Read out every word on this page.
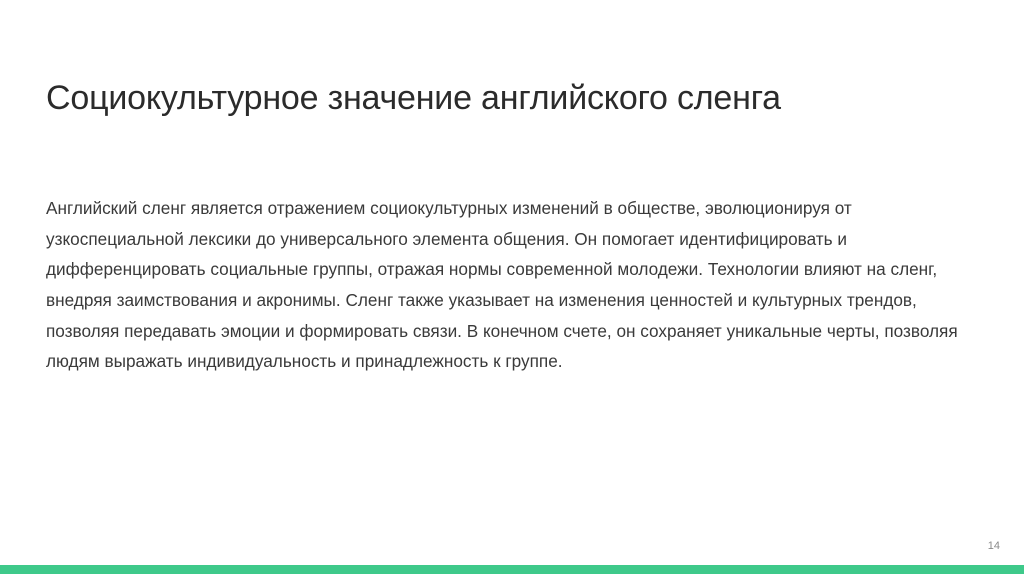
Социокультурное значение английского сленга

Английский сленг является отражением социокультурных изменений в обществе, эволюционируя от узкоспециальной лексики до универсального элемента общения. Он помогает идентифицировать и дифференцировать социальные группы, отражая нормы современной молодежи. Технологии влияют на сленг, внедряя заимствования и акронимы. Сленг также указывает на изменения ценностей и культурных трендов, позволяя передавать эмоции и формировать связи. В конечном счете, он сохраняет уникальные черты, позволяя людям выражать индивидуальность и принадлежность к группе.

14
